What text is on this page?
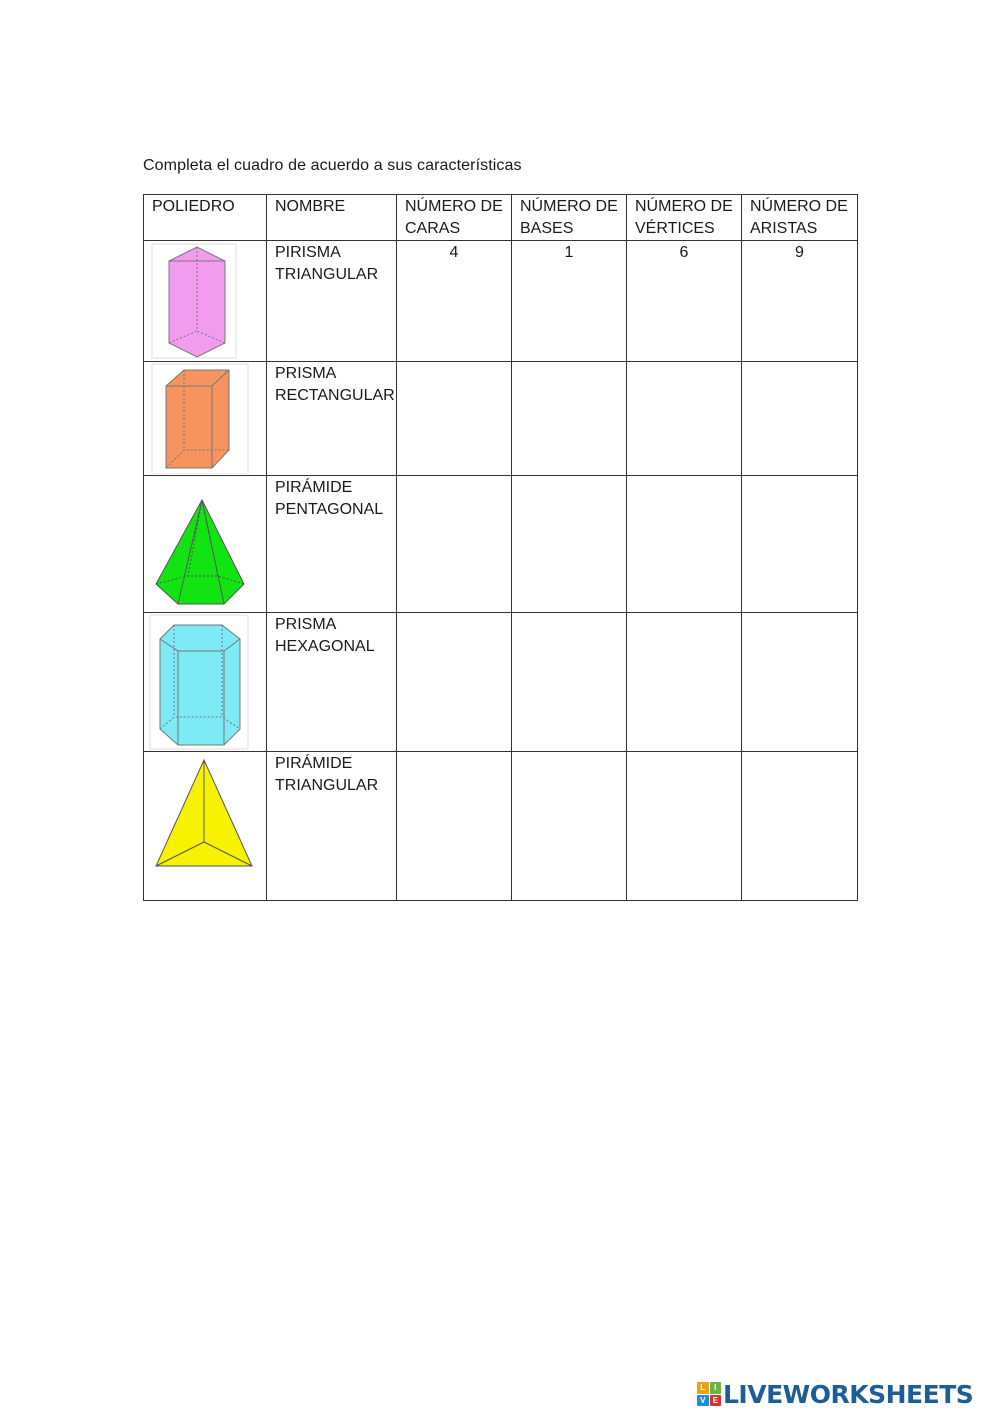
Completa el cuadro de acuerdo a sus características
POLIEDRO	NOMBRE	NÚMERO DE CARAS	NÚMERO DE BASES	NÚMERO DE VÉRTICES	NÚMERO DE ARISTAS

	PIRISMA TRIANGULAR	4	1	6	9

	PRISMA RECTANGULAR				

	PIRÁMIDE PENTAGONAL				

	PRISMA HEXAGONAL				

	PIRÁMIDE TRIANGULAR				
L	I
V E LIVEWORKSHEETS
